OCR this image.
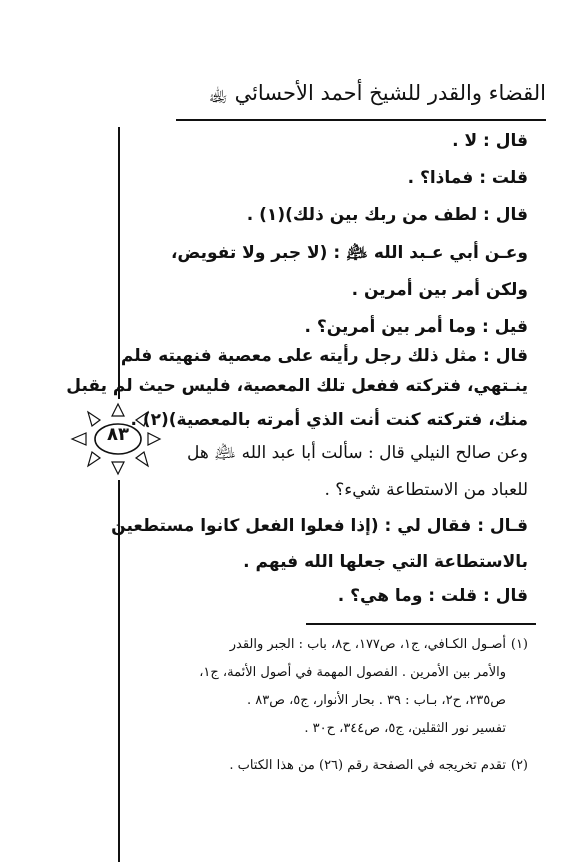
القضاء والقدر للشيخ أحمد الأحسائي ﵀
٨٣
قال : لا .
قلت : فماذا؟ .
قال : لطف من ربك بين ذلك)(١) .
وعـن أبي عـبد الله ﵇ : (لا جبر ولا تفويض،
ولكن أمر بين أمرين .
قيل : وما أمر بين أمرين؟ .
قال : مثل ذلك رجل رأيته على معصية فنهيته فلم
ينـتهي، فتركته ففعل تلك المعصية، فليس حيث لم يقبل
منك، فتركته كنت أنت الذي أمرته بالمعصية)(٢) .
وعن صالح النيلي قال : سألت أبا عبد الله ﵇ هل
للعباد من الاستطاعة شيء؟ .
قـال : فقال لي : (إذا فعلوا الفعل كانوا مستطعين
بالاستطاعة التي جعلها الله فيهم .
قال : قلت : وما هي؟ .
(١)
أصـول الكـافي، ج١، ص١٧٧، ح٨، باب : الجبر والقدر
والأمر بين الأمرين . الفصول المهمة في أصول الأئمة، ج١،
ص٢٣٥، ح٢، بـاب : ٣٩ . بحار الأنوار، ج٥، ص٨٣ .
تفسير نور الثقلين، ج٥، ص٣٤٤، ح٣٠ .
(٢)
تقدم تخريجه في الصفحة رقم (٢٦) من هذا الكتاب .
